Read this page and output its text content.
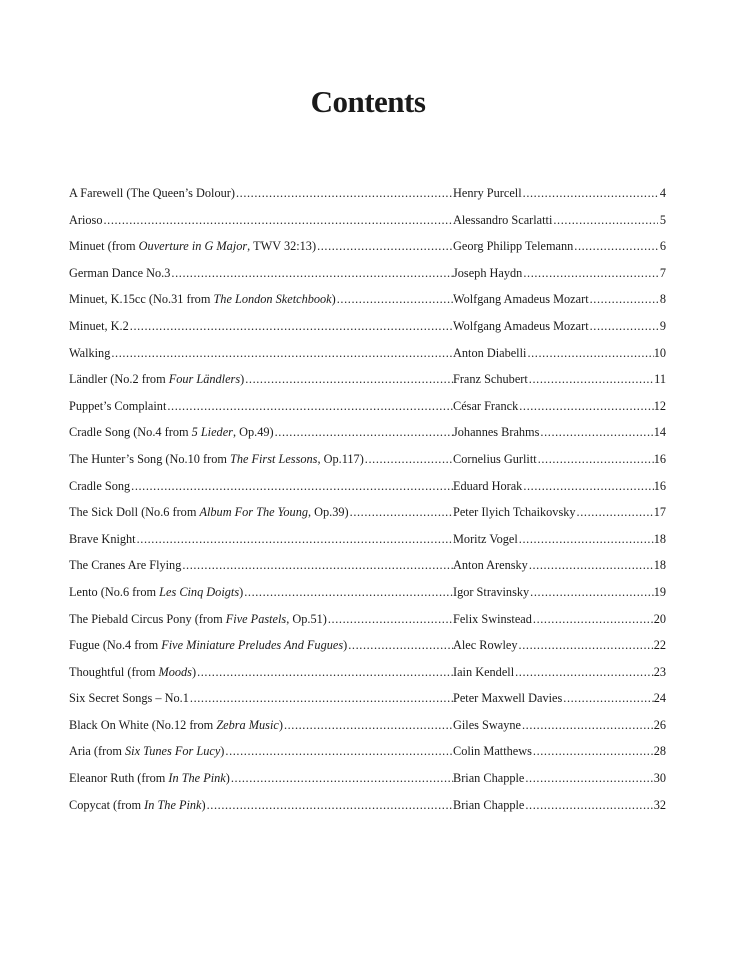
Contents
A Farewell (The Queen’s Dolour) .....	Henry Purcell .....	4
Arioso .....	Alessandro Scarlatti .....	5
Minuet (from Ouverture in G Major, TWV 32:13) .....	Georg Philipp Telemann .....	6
German Dance No.3 .....	Joseph Haydn .....	7
Minuet, K.15cc (No.31 from The London Sketchbook) .....	Wolfgang Amadeus Mozart .....	8
Minuet, K.2 .....	Wolfgang Amadeus Mozart .....	9
Walking .....	Anton Diabelli .....	10
Ländler (No.2 from Four Ländlers) .....	Franz Schubert .....	11
Puppet’s Complaint .....	César Franck .....	12
Cradle Song (No.4 from 5 Lieder, Op.49) .....	Johannes Brahms .....	14
The Hunter’s Song (No.10 from The First Lessons, Op.117) .....	Cornelius Gurlitt .....	16
Cradle Song .....	Eduard Horak .....	16
The Sick Doll (No.6 from Album For The Young, Op.39) .....	Peter Ilyich Tchaikovsky .....	17
Brave Knight .....	Moritz Vogel .....	18
The Cranes Are Flying .....	Anton Arensky .....	18
Lento (No.6 from Les Cinq Doigts) .....	Igor Stravinsky .....	19
The Piebald Circus Pony (from Five Pastels, Op.51) .....	Felix Swinstead .....	20
Fugue (No.4 from Five Miniature Preludes And Fugues) .....	Alec Rowley .....	22
Thoughtful (from Moods) .....	Iain Kendell .....	23
Six Secret Songs – No.1 .....	Peter Maxwell Davies .....	24
Black On White (No.12 from Zebra Music) .....	Giles Swayne .....	26
Aria (from Six Tunes For Lucy) .....	Colin Matthews .....	28
Eleanor Ruth (from In The Pink) .....	Brian Chapple .....	30
Copycat (from In The Pink) .....	Brian Chapple .....	32
